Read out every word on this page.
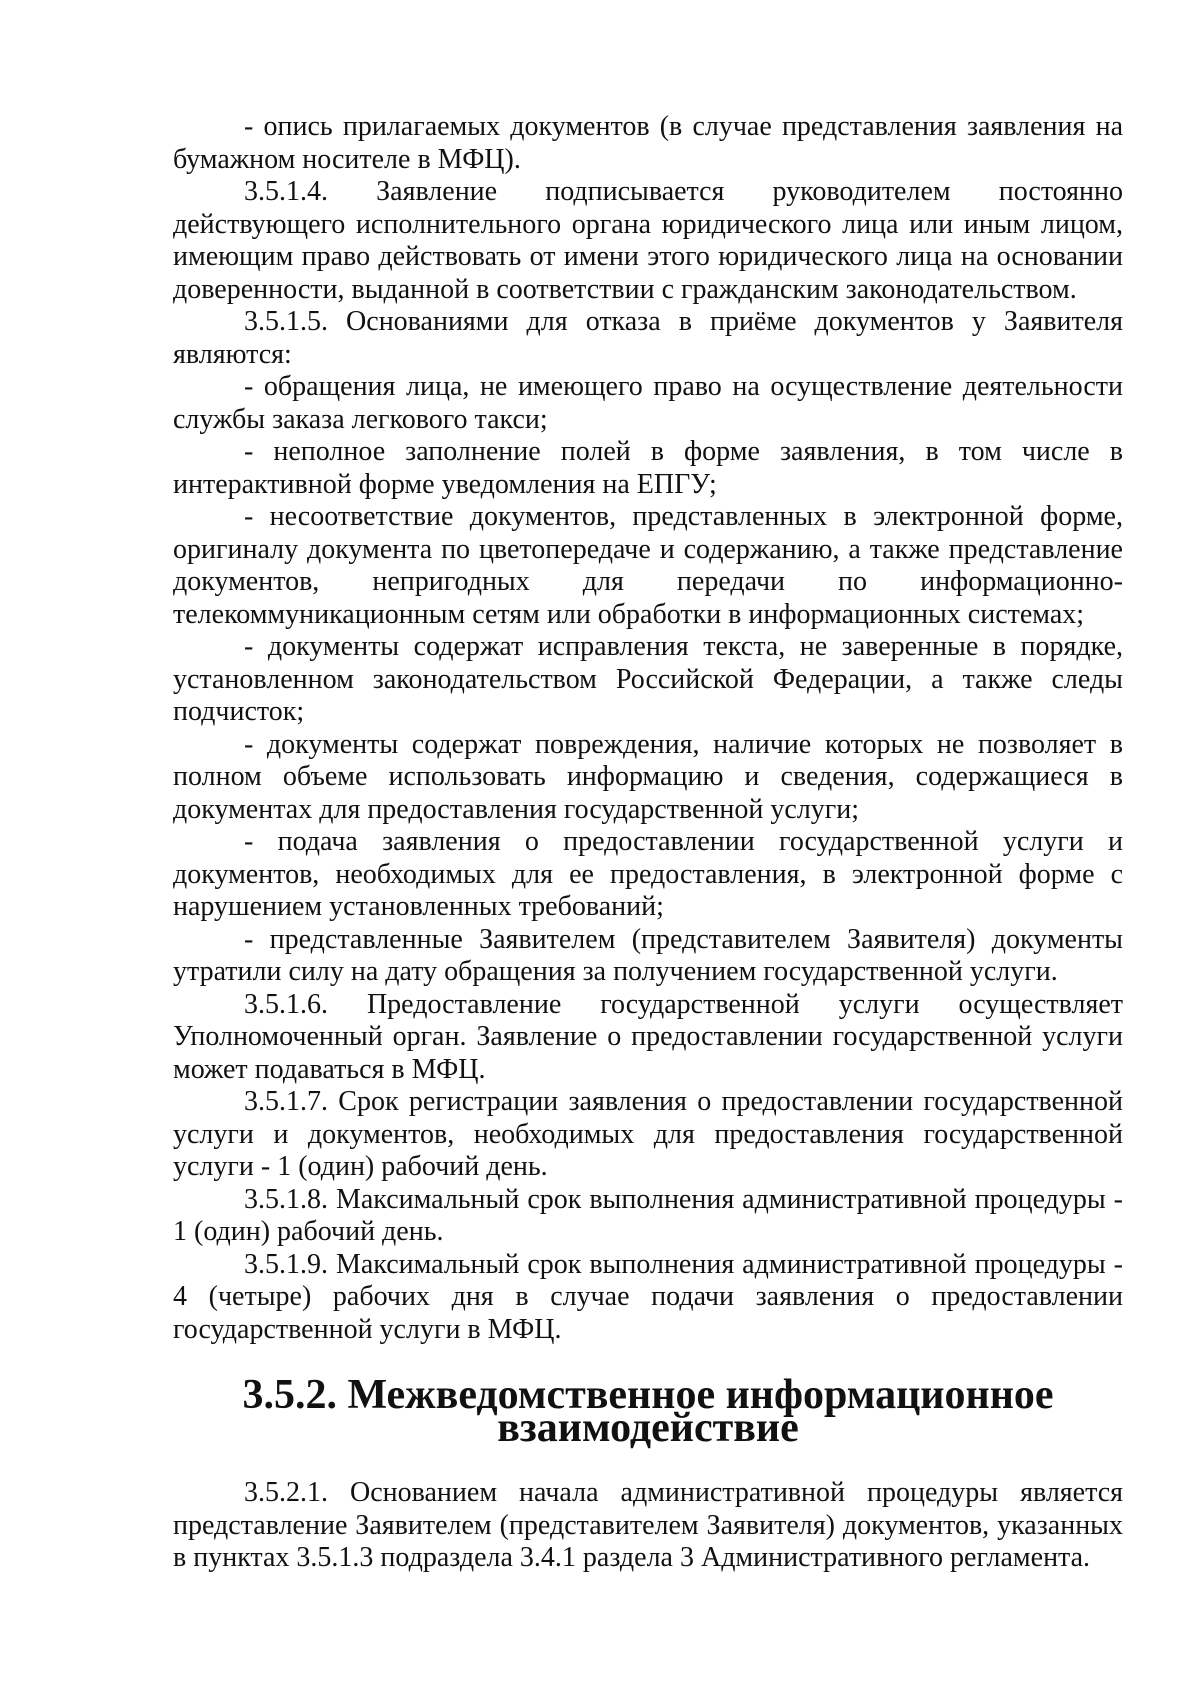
- опись прилагаемых документов (в случае представления заявления на бумажном носителе в МФЦ).

3.5.1.4. Заявление подписывается руководителем постоянно действующего исполнительного органа юридического лица или иным лицом, имеющим право действовать от имени этого юридического лица на основании доверенности, выданной в соответствии с гражданским законодательством.

3.5.1.5. Основаниями для отказа в приёме документов у Заявителя являются:

- обращения лица, не имеющего право на осуществление деятельности службы заказа легкового такси;

- неполное заполнение полей в форме заявления, в том числе в интерактивной форме уведомления на ЕПГУ;

- несоответствие документов, представленных в электронной форме, оригиналу документа по цветопередаче и содержанию, а также представление документов, непригодных для передачи по информационно-телекоммуникационным сетям или обработки в информационных системах;

- документы содержат исправления текста, не заверенные в порядке, установленном законодательством Российской Федерации, а также следы подчисток;

- документы содержат повреждения, наличие которых не позволяет в полном объеме использовать информацию и сведения, содержащиеся в документах для предоставления государственной услуги;

- подача заявления о предоставлении государственной услуги и документов, необходимых для ее предоставления, в электронной форме с нарушением установленных требований;

- представленные Заявителем (представителем Заявителя) документы утратили силу на дату обращения за получением государственной услуги.

3.5.1.6. Предоставление государственной услуги осуществляет Уполномоченный орган. Заявление о предоставлении государственной услуги может подаваться в МФЦ.

3.5.1.7. Срок регистрации заявления о предоставлении государственной услуги и документов, необходимых для предоставления государственной услуги - 1 (один) рабочий день.

3.5.1.8. Максимальный срок выполнения административной процедуры - 1 (один) рабочий день.

3.5.1.9. Максимальный срок выполнения административной процедуры - 4 (четыре) рабочих дня в случае подачи заявления о предоставлении государственной услуги в МФЦ.

3.5.2. Межведомственное информационное взаимодействие

3.5.2.1. Основанием начала административной процедуры является представление Заявителем (представителем Заявителя) документов, указанных в пунктах 3.5.1.3 подраздела 3.4.1 раздела 3 Административного регламента.
